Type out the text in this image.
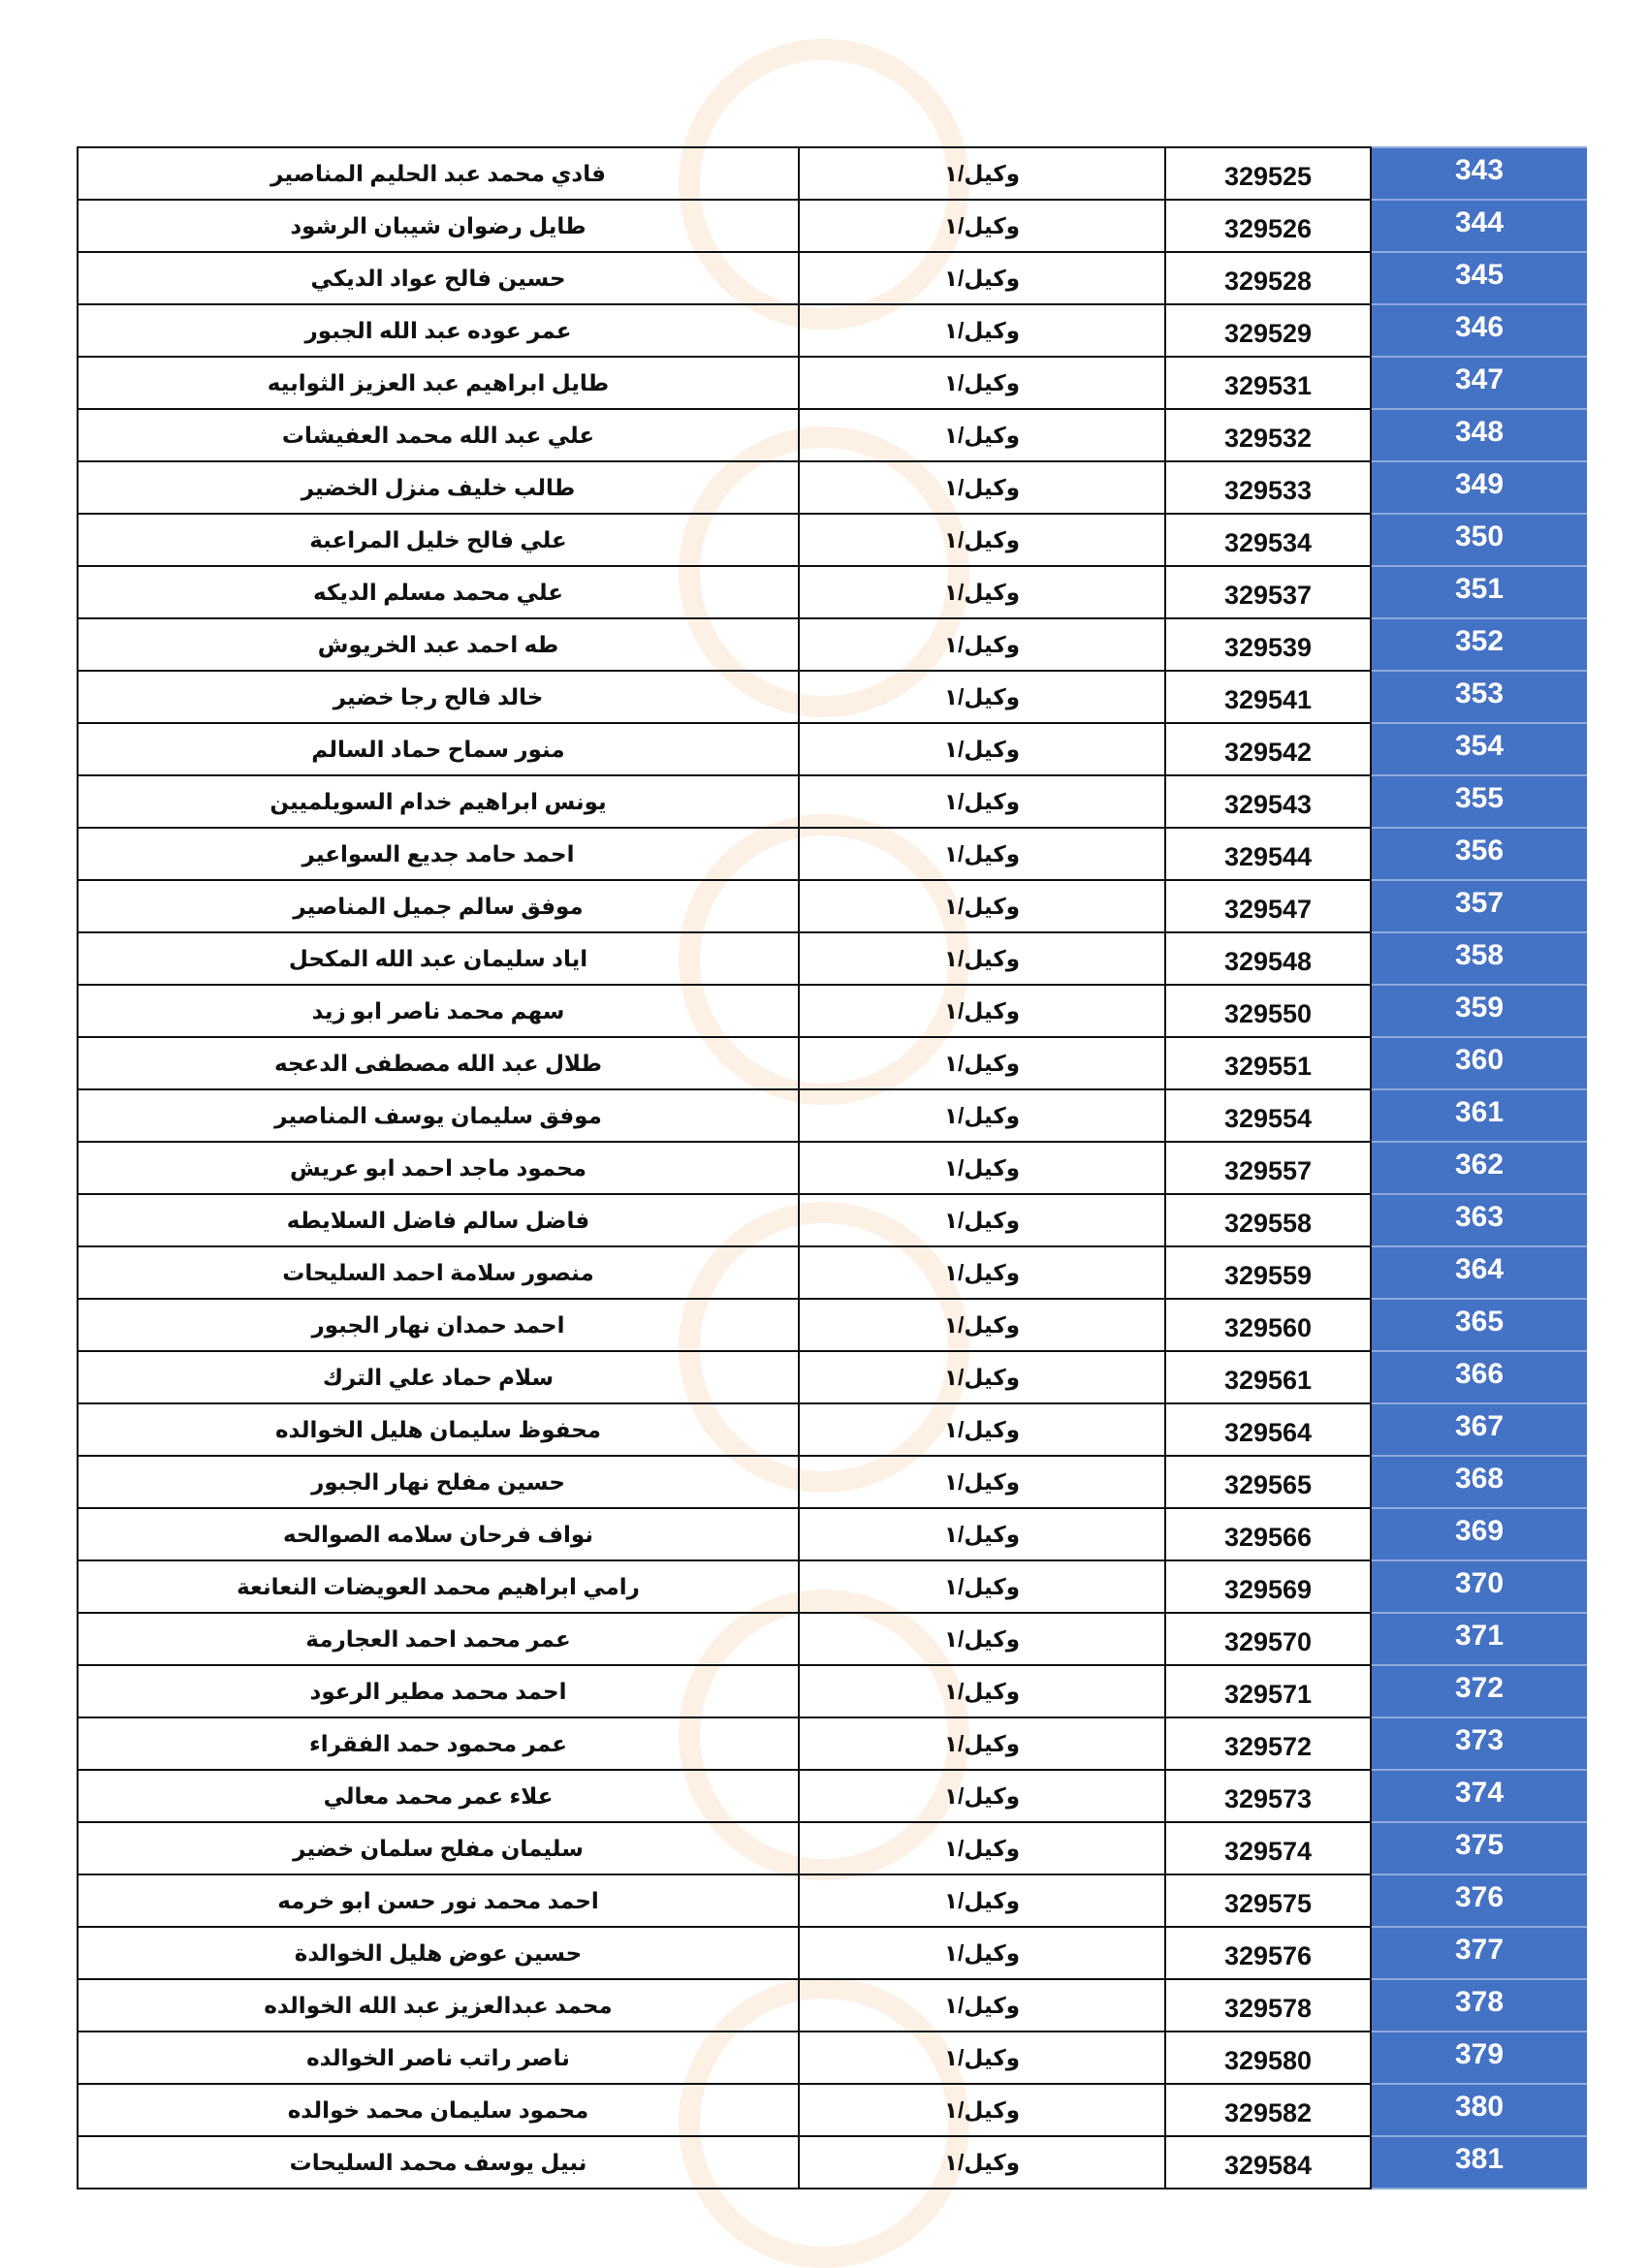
فادي محمد عبد الحليم المناصير	وكيل/١	329525	343
طايل رضوان شيبان الرشود	وكيل/١	329526	344
حسين فالح عواد الديكي	وكيل/١	329528	345
عمر عوده عبد الله الجبور	وكيل/١	329529	346
طايل ابراهيم عبد العزيز الثوابيه	وكيل/١	329531	347
علي عبد الله محمد العفيشات	وكيل/١	329532	348
طالب خليف منزل الخضير	وكيل/١	329533	349
علي فالح خليل المراعبة	وكيل/١	329534	350
علي محمد مسلم الديكه	وكيل/١	329537	351
طه احمد عبد الخريوش	وكيل/١	329539	352
خالد فالح رجا خضير	وكيل/١	329541	353
منور سماح حماد السالم	وكيل/١	329542	354
يونس ابراهيم خدام السويلميين	وكيل/١	329543	355
احمد حامد جديع السواعير	وكيل/١	329544	356
موفق سالم جميل المناصير	وكيل/١	329547	357
اياد سليمان عبد الله المكحل	وكيل/١	329548	358
سهم محمد ناصر ابو زيد	وكيل/١	329550	359
طلال عبد الله مصطفى الدعجه	وكيل/١	329551	360
موفق سليمان يوسف المناصير	وكيل/١	329554	361
محمود ماجد احمد ابو عريش	وكيل/١	329557	362
فاضل سالم فاضل السلايطه	وكيل/١	329558	363
منصور سلامة احمد السليحات	وكيل/١	329559	364
احمد حمدان نهار الجبور	وكيل/١	329560	365
سلام حماد علي الترك	وكيل/١	329561	366
محفوظ سليمان هليل الخوالده	وكيل/١	329564	367
حسين مفلح نهار الجبور	وكيل/١	329565	368
نواف فرحان سلامه الصوالحه	وكيل/١	329566	369
رامي ابراهيم محمد العويضات النعانعة	وكيل/١	329569	370
عمر محمد احمد العجارمة	وكيل/١	329570	371
احمد محمد مطير الرعود	وكيل/١	329571	372
عمر محمود حمد الفقراء	وكيل/١	329572	373
علاء عمر محمد معالي	وكيل/١	329573	374
سليمان مفلح سلمان خضير	وكيل/١	329574	375
احمد محمد نور حسن ابو خرمه	وكيل/١	329575	376
حسين عوض هليل الخوالدة	وكيل/١	329576	377
محمد عبدالعزيز عبد الله الخوالده	وكيل/١	329578	378
ناصر راتب ناصر الخوالده	وكيل/١	329580	379
محمود سليمان محمد خوالده	وكيل/١	329582	380
نبيل يوسف محمد السليحات	وكيل/١	329584	381
